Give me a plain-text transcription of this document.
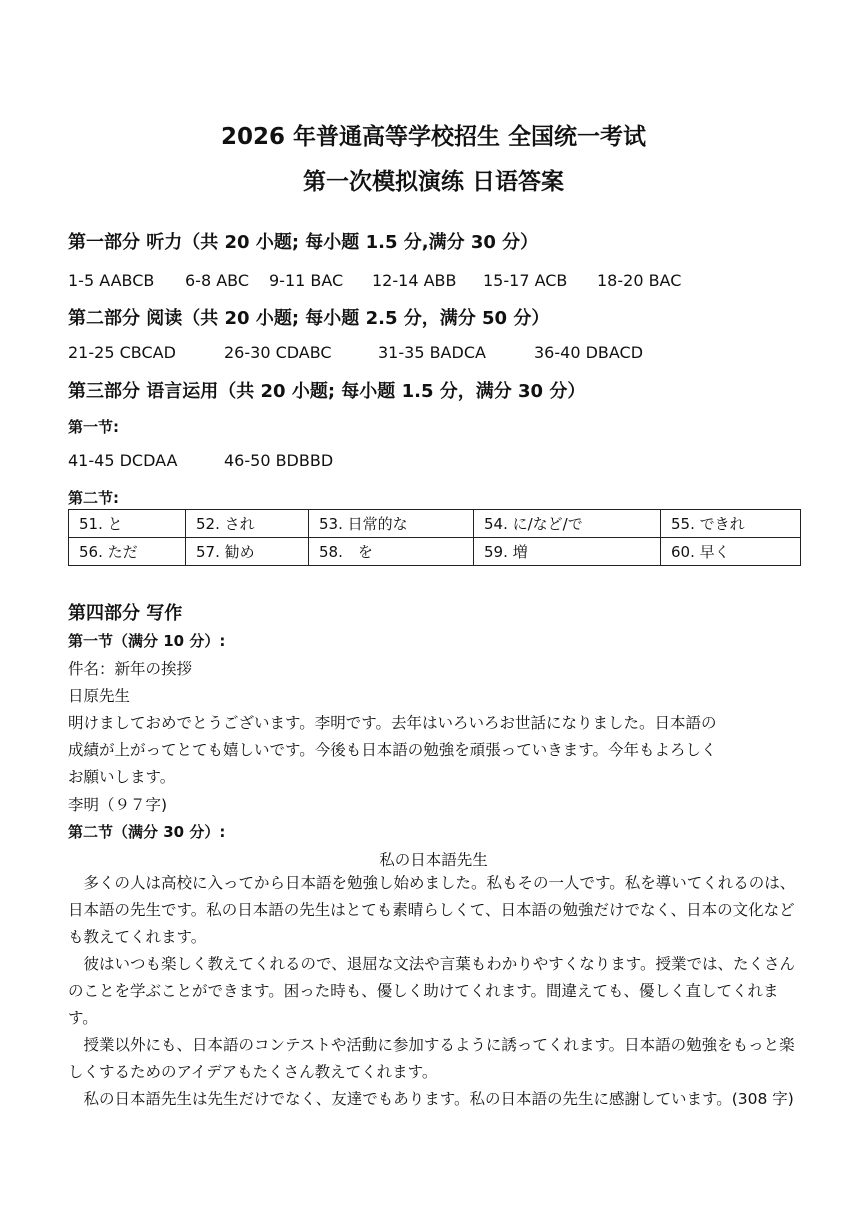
2026 年普通高等学校招生 全国统一考试
第一次模拟演练 日语答案
第一部分 听力（共 20 小题; 每小题 1.5 分,满分 30 分）
1-5 AABCB 6-8 ABC 9-11 BAC 12-14 ABB 15-17 ACB 18-20 BAC
第二部分 阅读（共 20 小题; 每小题 2.5 分，满分 50 分）
21-25 CBCAD	26-30 CDABC	31-35 BADCA	36-40 DBACD
第三部分 语言运用（共 20 小题; 每小题 1.5 分，满分 30 分）
第一节:
41-45 DCDAA	46-50 BDBBD
第二节:
51. と	52. され	53. 日常的な	54. に/など/で	55. できれ
56. ただ	57. 勧め	58.　を	59. 増	60. 早く
第四部分 写作
第一节（满分 10 分）:
件名：新年の挨拶
日原先生
明けましておめでとうございます。李明です。去年はいろいろお世話になりました。日本語の
成績が上がってとても嬉しいです。今後も日本語の勉強を頑張っていきます。今年もよろしく
お願いします。
李明（９７字)
第二节（满分 30 分）:
私の日本語先生

多くの人は高校に入ってから日本語を勉強し始めました。私もその一人です。私を導いてくれるのは、日本語の先生です。私の日本語の先生はとても素晴らしくて、日本語の勉強だけでなく、日本の文化なども教えてくれます。

彼はいつも楽しく教えてくれるので、退屈な文法や言葉もわかりやすくなります。授業では、たくさんのことを学ぶことができます。困った時も、優しく助けてくれます。間違えても、優しく直してくれます。

授業以外にも、日本語のコンテストや活動に参加するように誘ってくれます。日本語の勉強をもっと楽しくするためのアイデアもたくさん教えてくれます。

私の日本語先生は先生だけでなく、友達でもあります。私の日本語の先生に感謝しています。(308 字)
